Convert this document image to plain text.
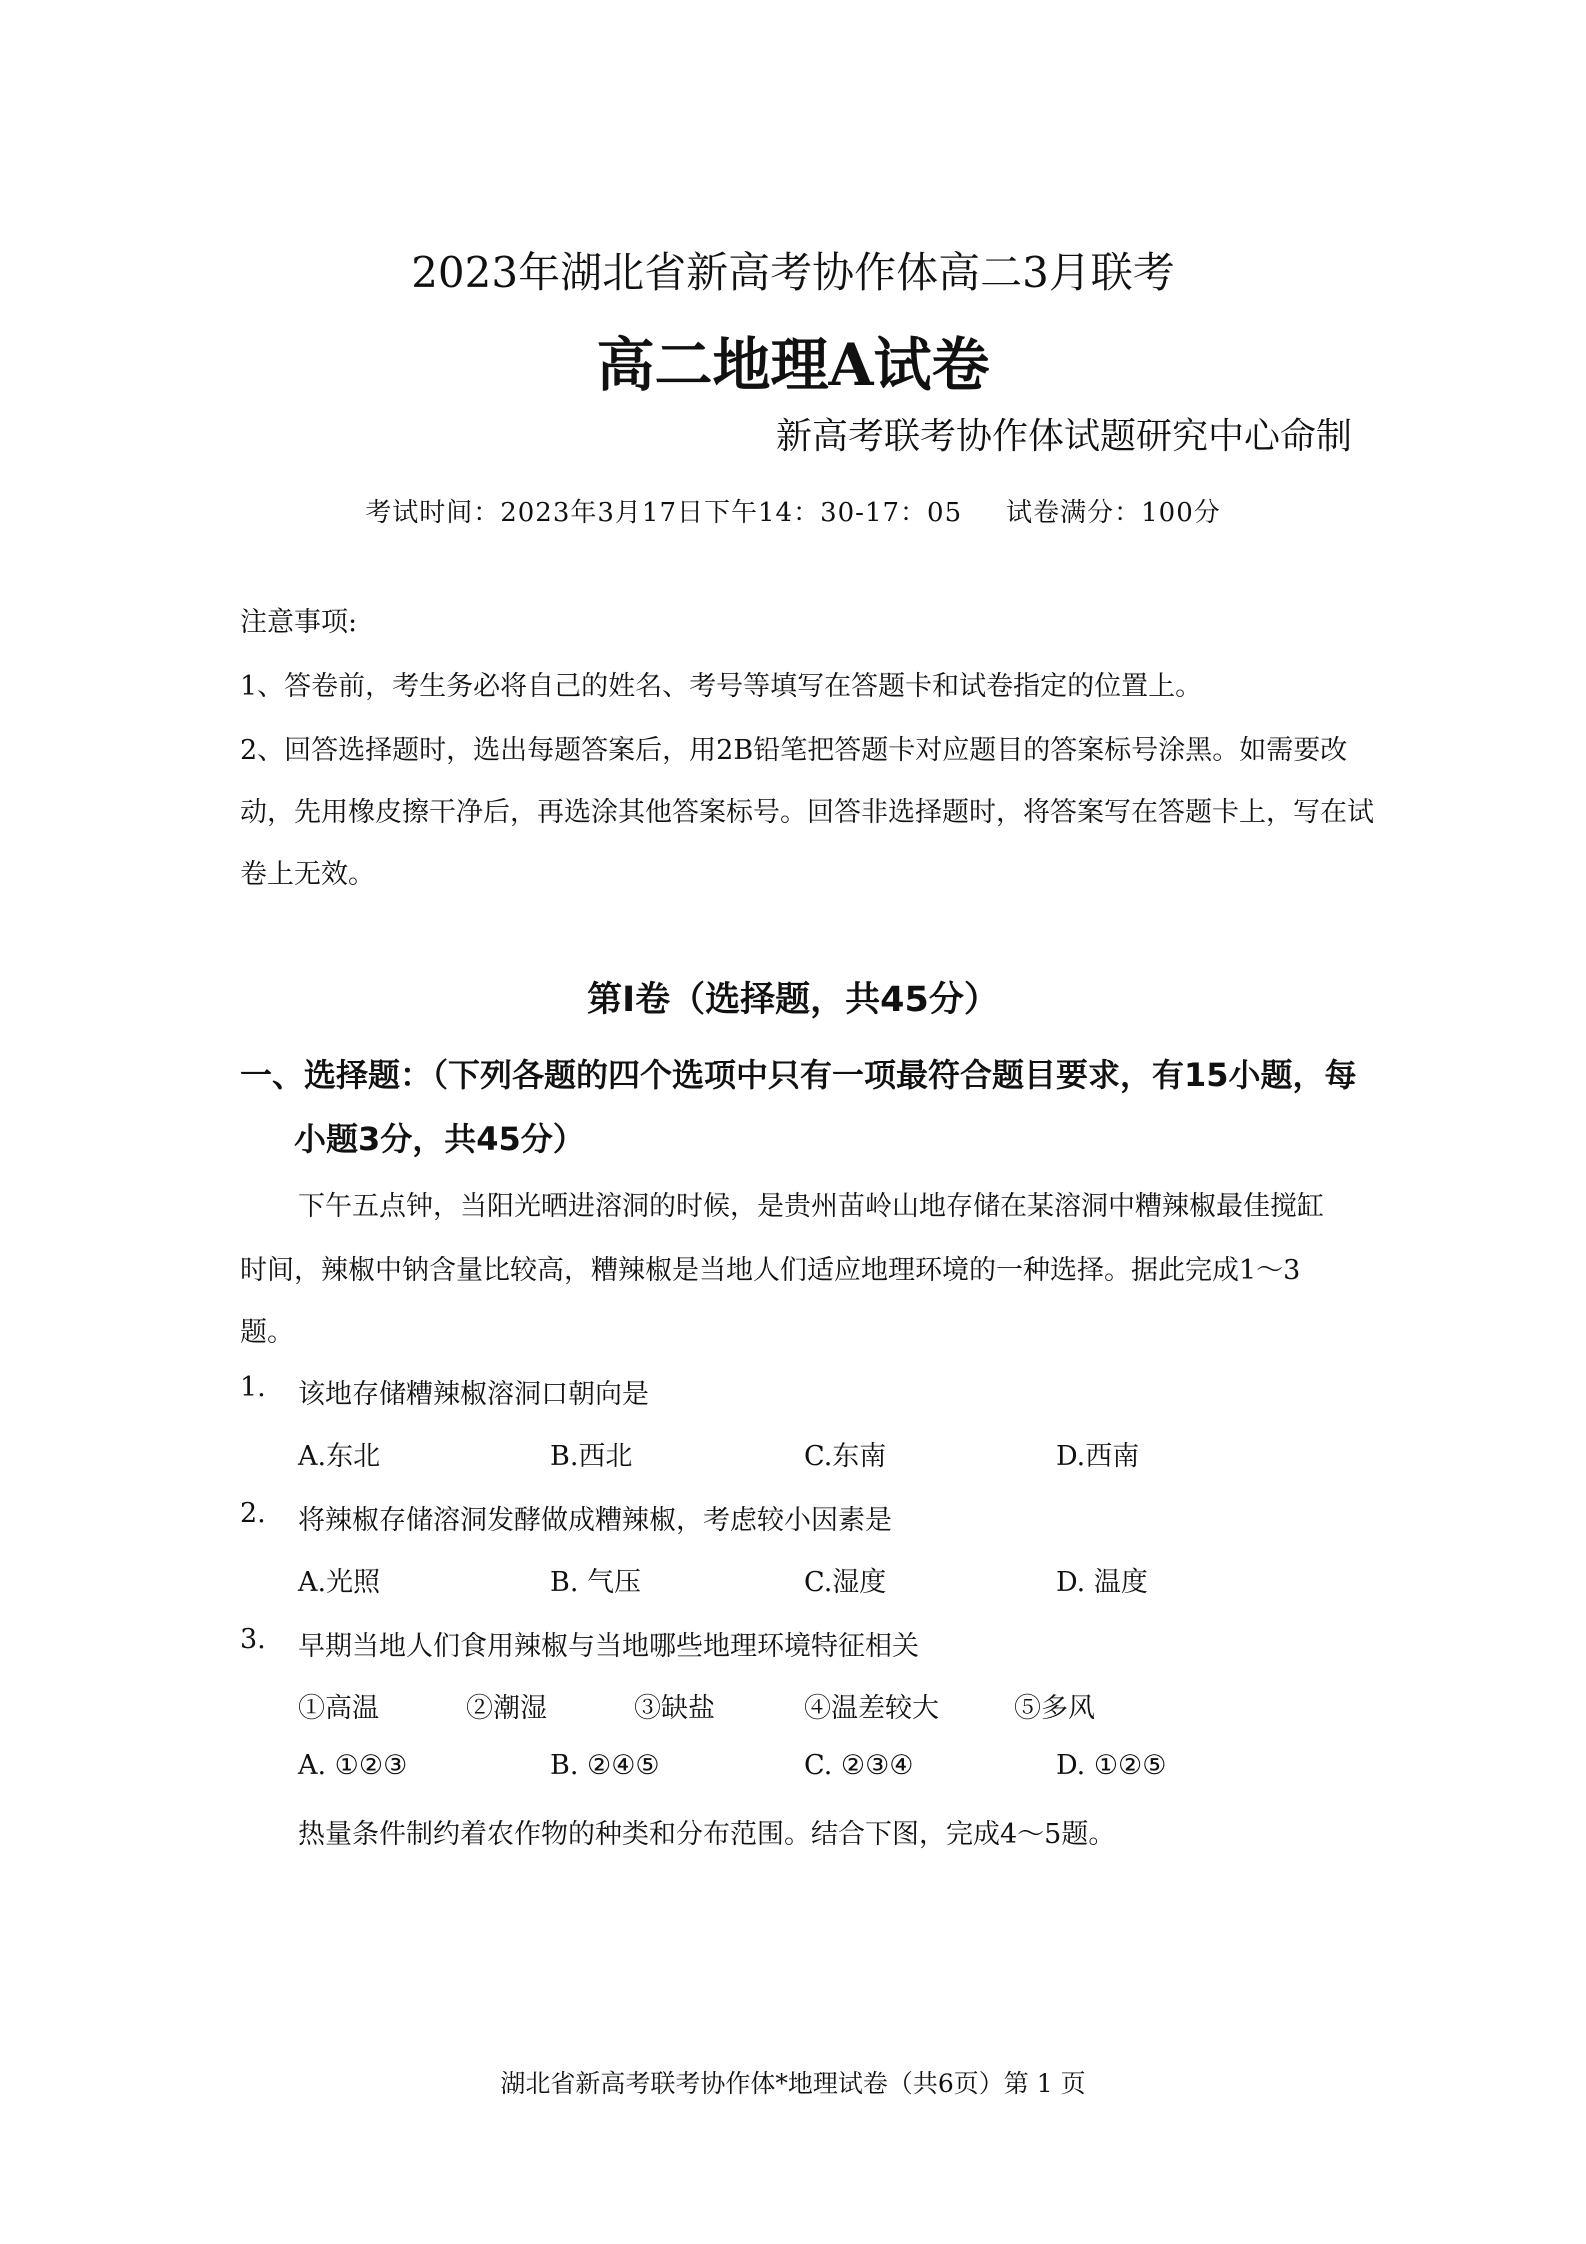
2023年湖北省新高考协作体高二3月联考
高二地理A试卷
新高考联考协作体试题研究中心命制
考试时间：2023年3月17日下午14：30-17：05 试卷满分：100分
注意事项:
1、答卷前，考生务必将自己的姓名、考号等填写在答题卡和试卷指定的位置上。
2、回答选择题时，选出每题答案后，用2B铅笔把答题卡对应题目的答案标号涂黑。如需要改
动，先用橡皮擦干净后，再选涂其他答案标号。回答非选择题时，将答案写在答题卡上，写在试
卷上无效。
第Ⅰ卷（选择题，共45分）
一、选择题：（下列各题的四个选项中只有一项最符合题目要求，有15小题，每
小题3分，共45分）
下午五点钟，当阳光晒进溶洞的时候，是贵州苗岭山地存储在某溶洞中糟辣椒最佳搅缸
时间，辣椒中钠含量比较高，糟辣椒是当地人们适应地理环境的一种选择。据此完成1～3
题。
1. 该地存储糟辣椒溶洞口朝向是
A.东北	B.西北	C.东南	D.西南
2. 将辣椒存储溶洞发酵做成糟辣椒，考虑较小因素是
A.光照	B. 气压	C.湿度	D. 温度
3. 早期当地人们食用辣椒与当地哪些地理环境特征相关
①高温	②潮湿	③缺盐	④温差较大	⑤多风
A. ①②③	B. ②④⑤	C. ②③④	D. ①②⑤
热量条件制约着农作物的种类和分布范围。结合下图，完成4～5题。
湖北省新高考联考协作体*地理试卷（共6页）第 1 页
